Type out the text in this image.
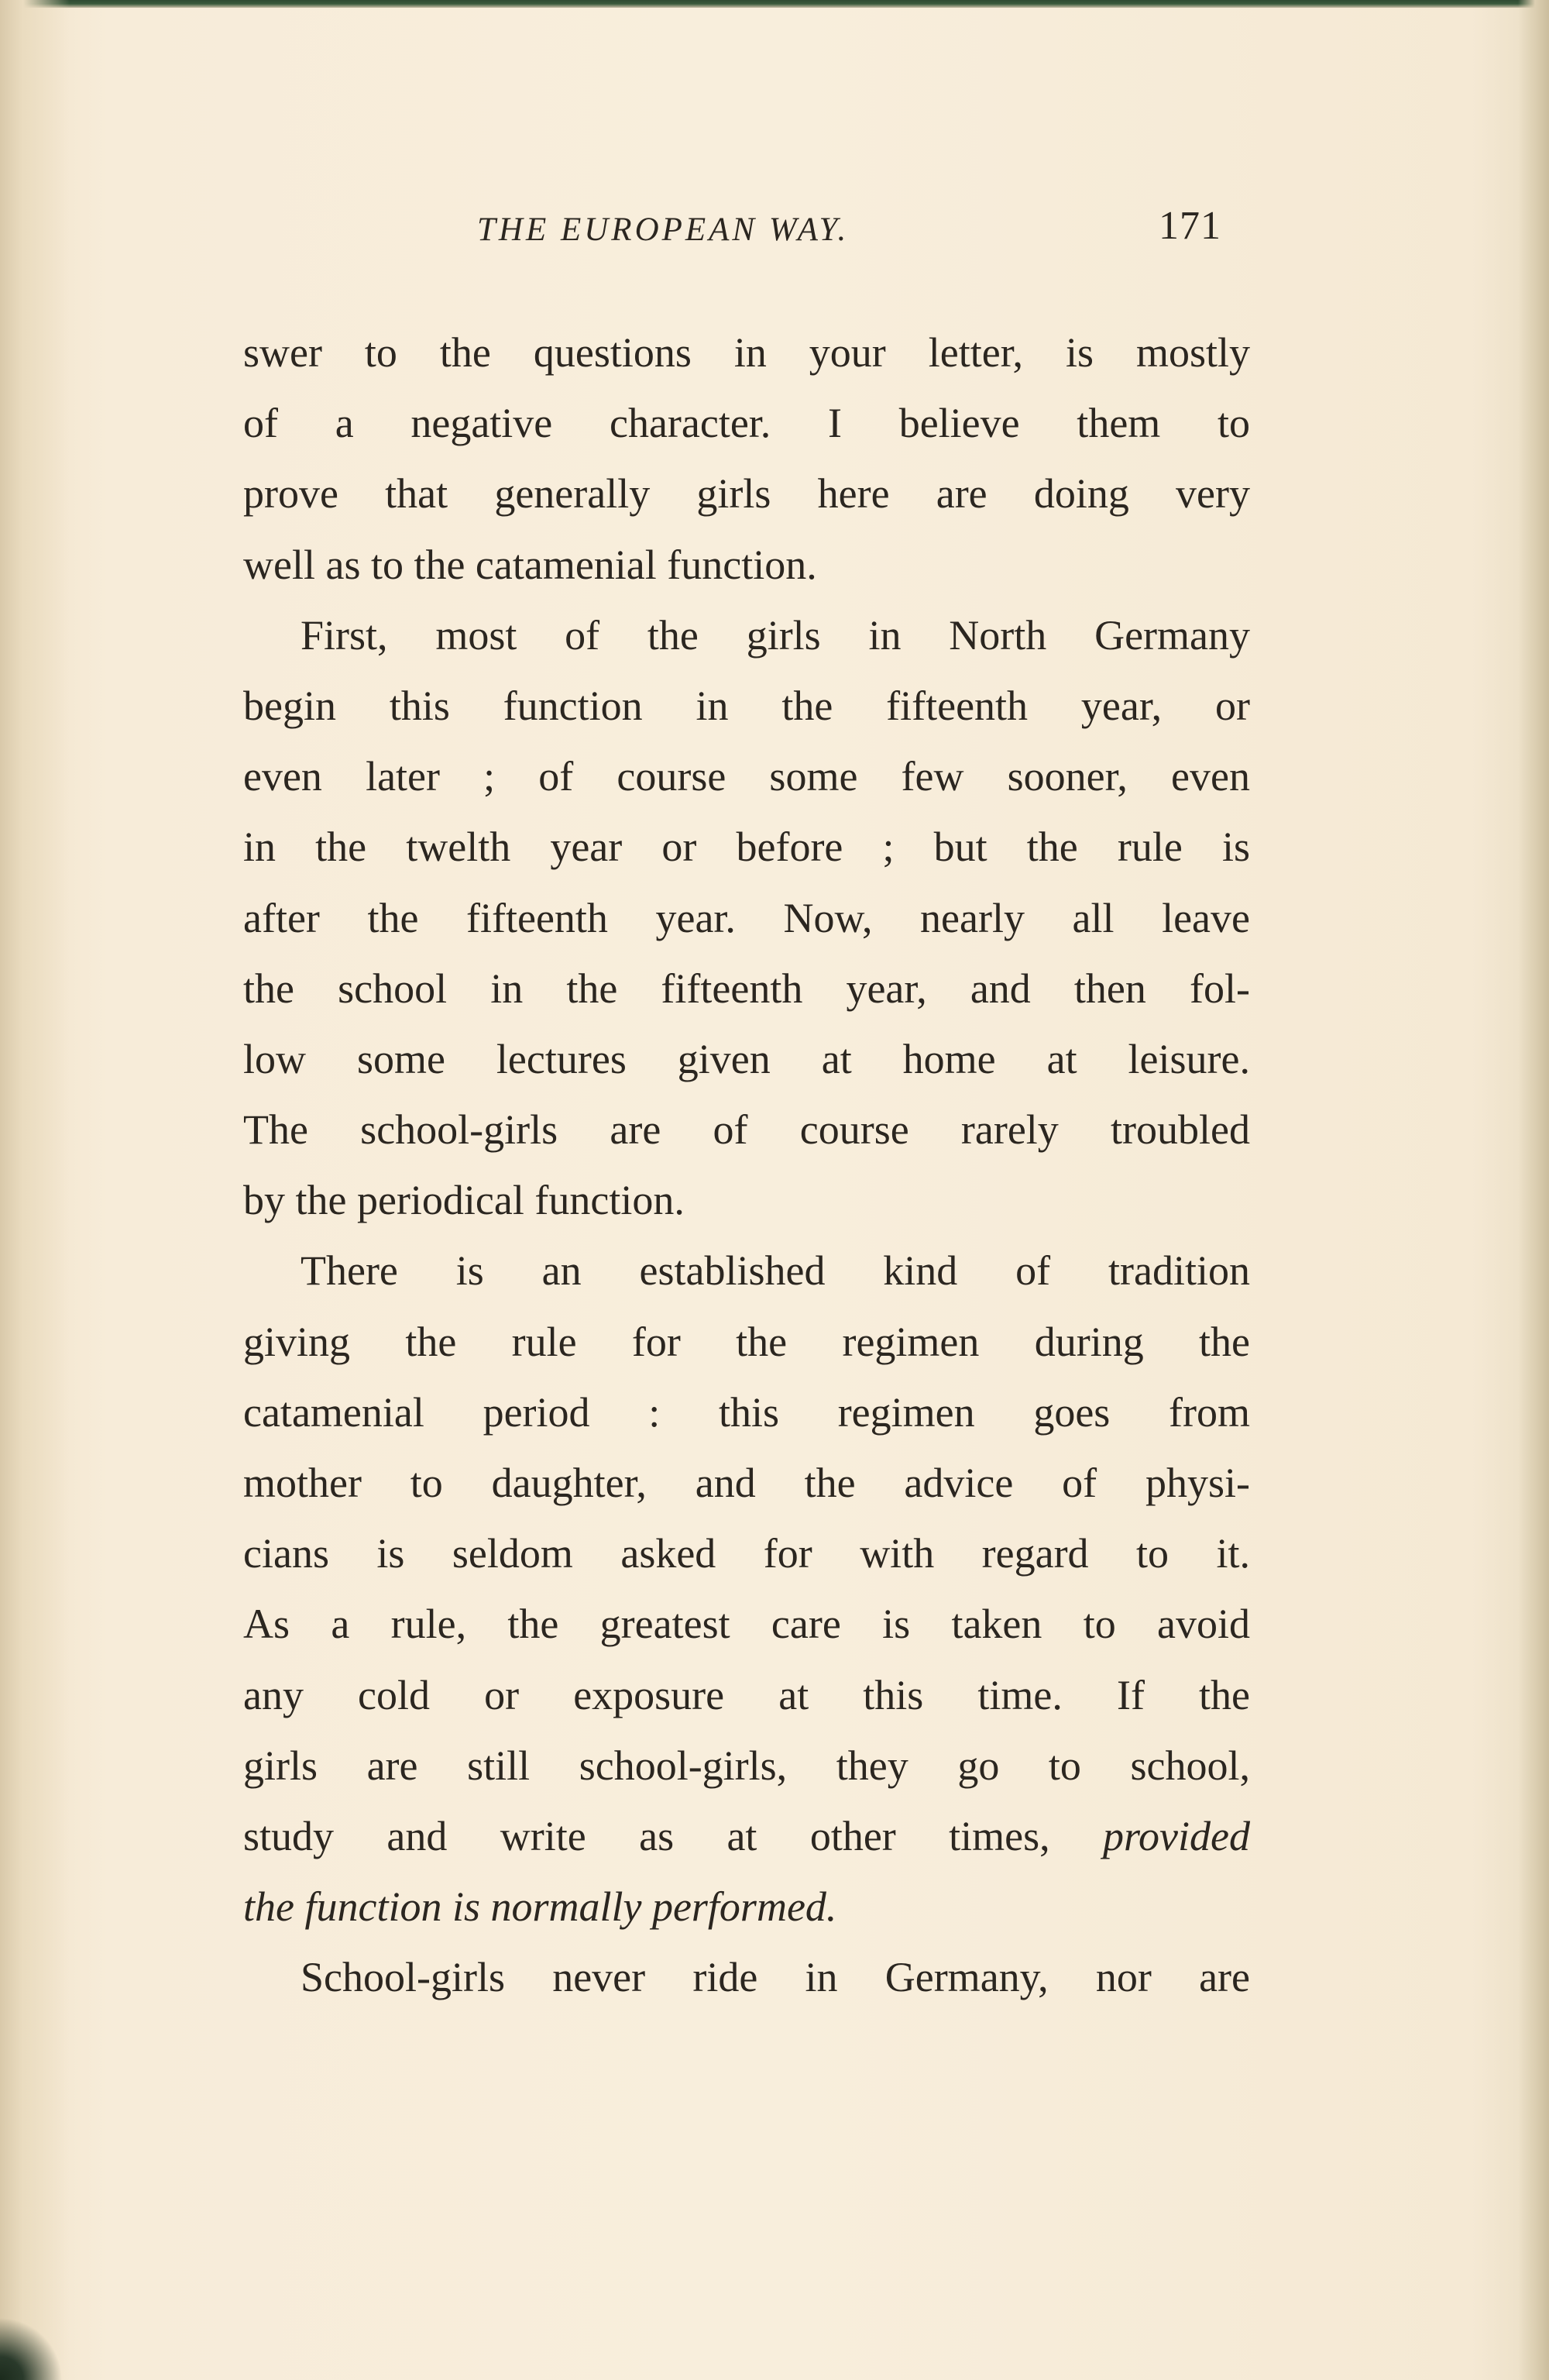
THE EUROPEAN WAY.	171
swer to the questions in your letter, is mostly
of a negative character. I believe them to
prove that generally girls here are doing very
well as to the catamenial function.
First, most of the girls in North Germany
begin this function in the fifteenth year, or
even later ; of course some few sooner, even
in the twelth year or before ; but the rule is
after the fifteenth year. Now, nearly all leave
the school in the fifteenth year, and then fol-
low some lectures given at home at leisure.
The school-girls are of course rarely troubled
by the periodical function.
There is an established kind of tradition
giving the rule for the regimen during the
catamenial period : this regimen goes from
mother to daughter, and the advice of physi-
cians is seldom asked for with regard to it.
As a rule, the greatest care is taken to avoid
any cold or exposure at this time. If the
girls are still school-girls, they go to school,
study and write as at other times, provided
the function is normally performed.
School-girls never ride in Germany, nor are
